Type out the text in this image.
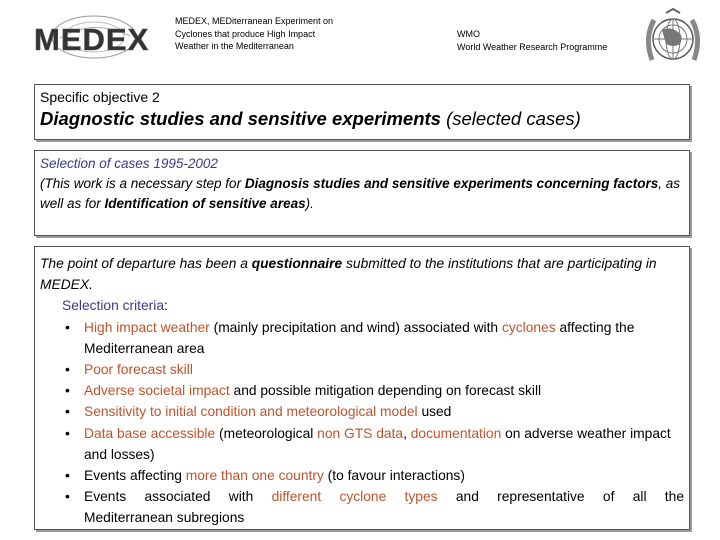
MEDEX
MEDEX, MEDiterranean Experiment on
Cyclones that produce High Impact
Weather in the Mediterranean
WMO
World Weather Research Programme
Specific objective 2
Diagnostic studies and sensitive experiments (selected cases)
Selection of cases 1995-2002
(This work is a necessary step for Diagnosis studies and sensitive experiments concerning factors, as well as for Identification of sensitive areas).
The point of departure has been a questionnaire submitted to the institutions that are participating in MEDEX.
Selection criteria:
• High impact weather (mainly precipitation and wind) associated with cyclones affecting the Mediterranean area
• Poor forecast skill
• Adverse societal impact and possible mitigation depending on forecast skill
• Sensitivity to initial condition and meteorological model used
• Data base accessible (meteorological non GTS data, documentation on adverse weather impact and losses)
• Events affecting more than one country (to favour interactions)
• Events associated with different cyclone types and representative of all the
Mediterranean subregions
